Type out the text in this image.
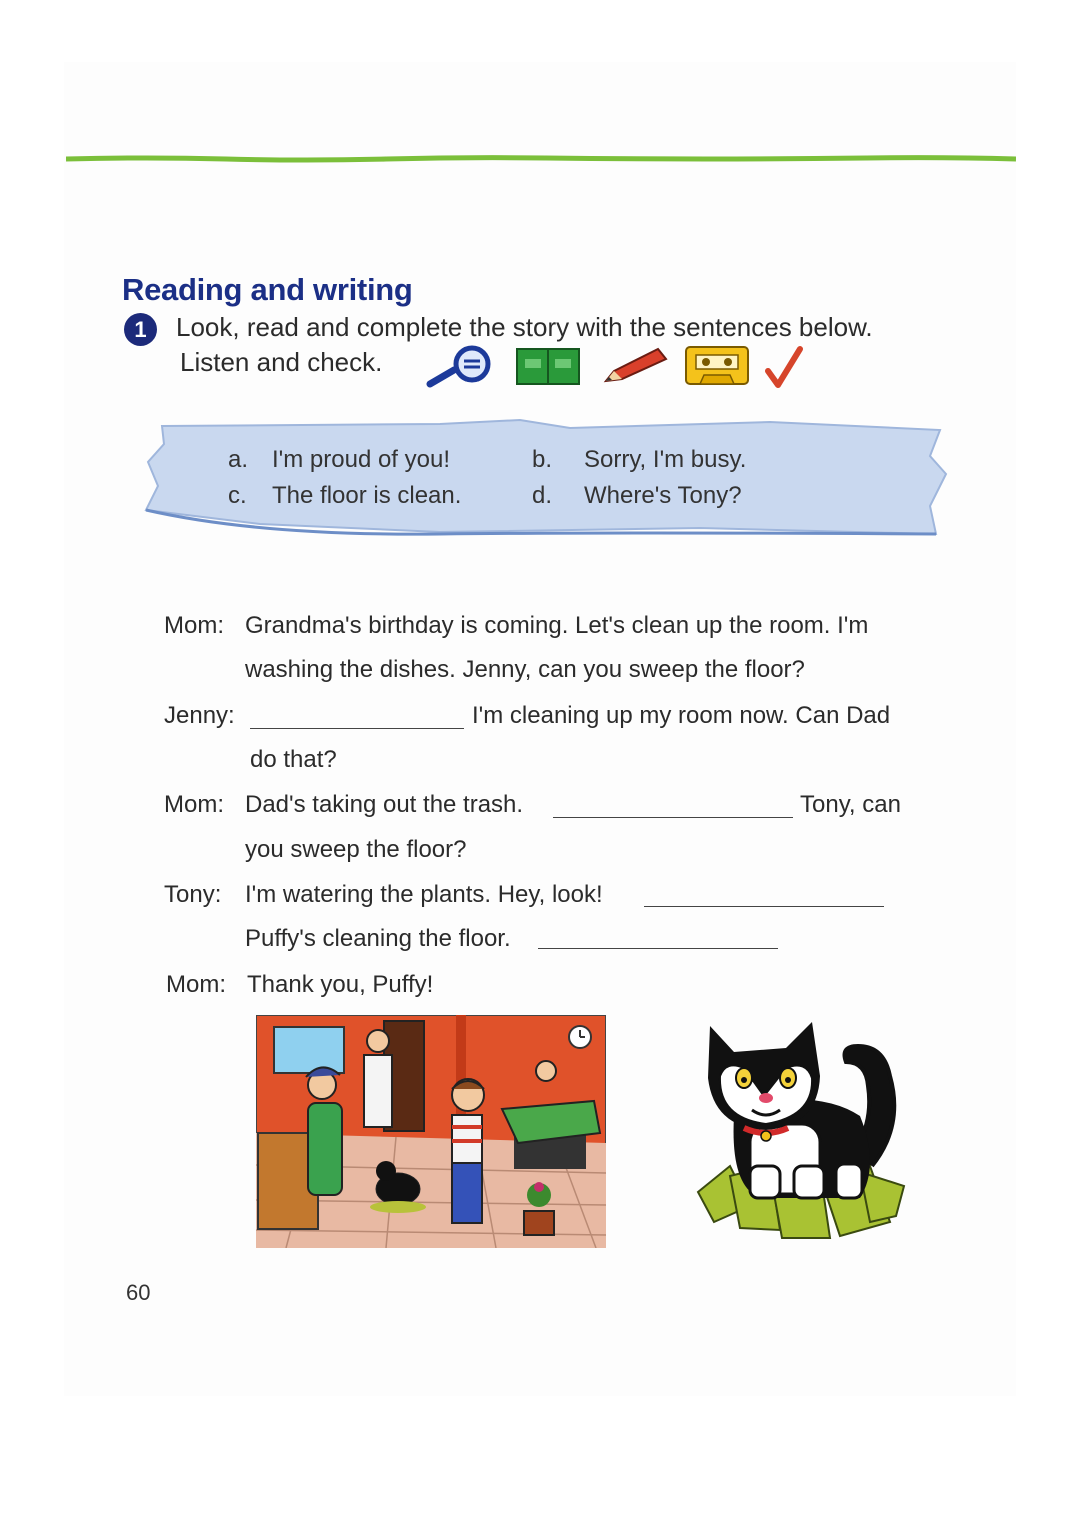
Reading and writing
1	Look, read and complete the story with the sentences below.
Listen and check.
a. I'm proud of you!	b. Sorry, I'm busy.
c. The floor is clean.	d. Where's Tony?
Mom: Grandma's birthday is coming. Let's clean up the room. I'm
washing the dishes. Jenny, can you sweep the floor?
Jenny:	I'm cleaning up my room now. Can Dad
do that?
Mom: Dad's taking out the trash.	Tony, can
you sweep the floor?
Tony: I'm watering the plants. Hey, look!
Puffy's cleaning the floor.
Mom: Thank you, Puffy!
60
